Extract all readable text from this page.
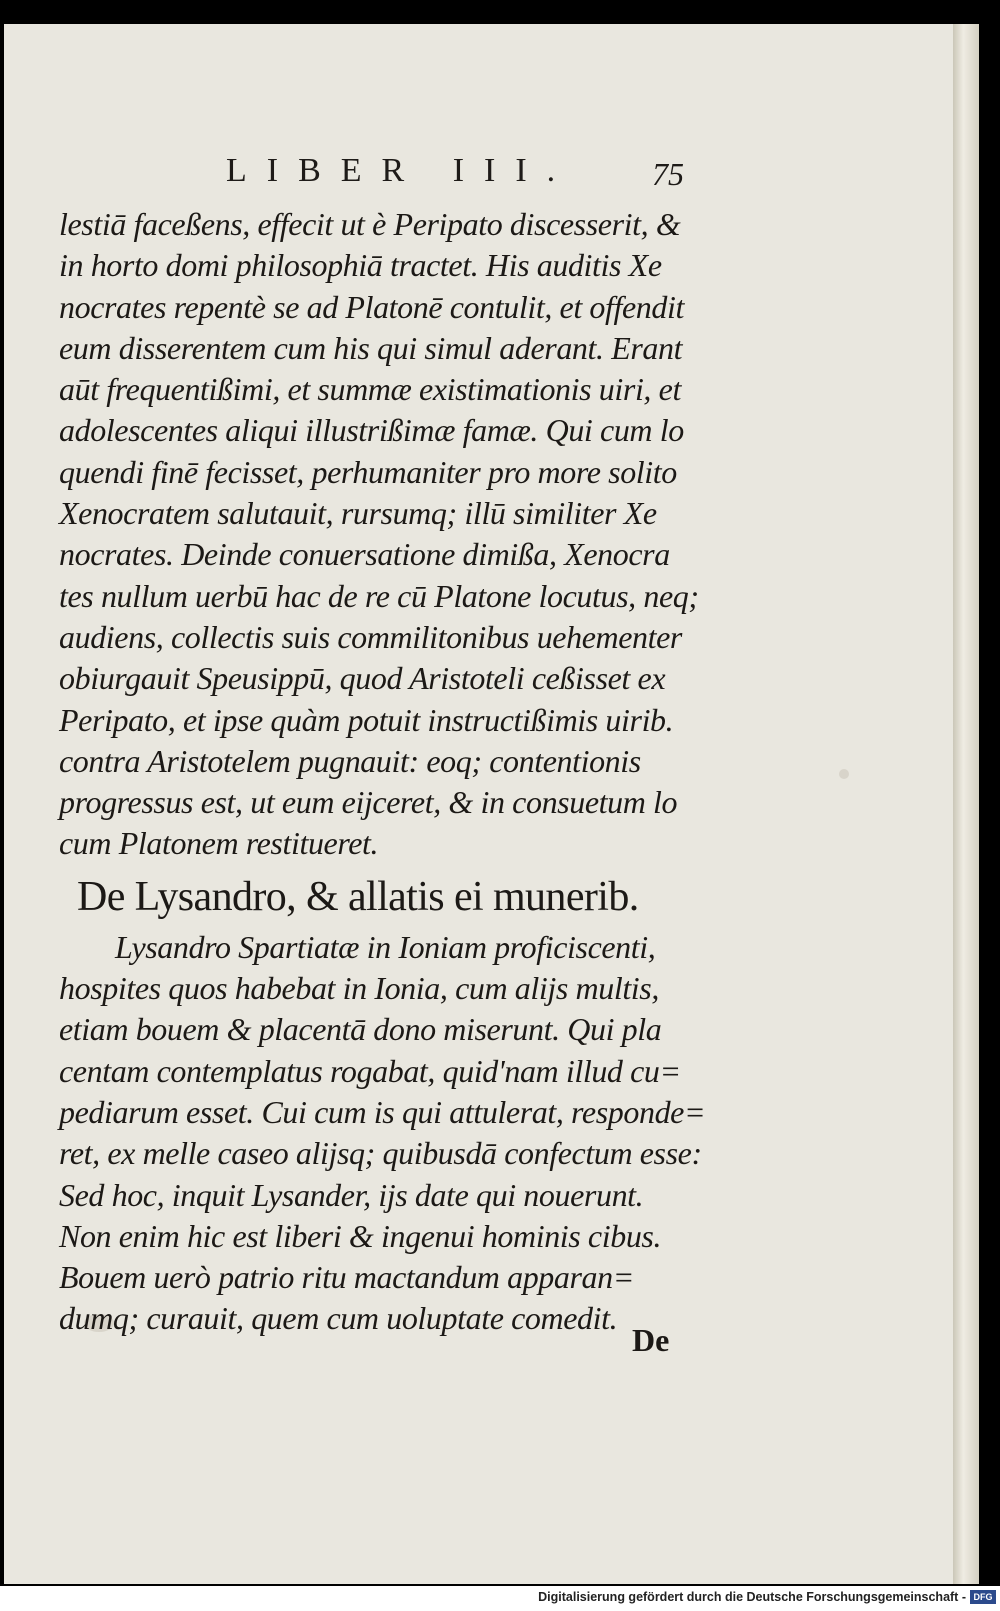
LIBER III. 75
lestiā faceßens, effecit ut è Peripato discesserit, &
in horto domi philosophiā tractet. His auditis Xe
nocrates repentè se ad Platonē contulit, et offendit
eum disserentem cum his qui simul aderant. Erant
aūt frequentißimi, et summæ existimationis uiri, et
adolescentes aliqui illustrißimæ famæ. Qui cum lo
quendi finē fecisset, perhumaniter pro more solito
Xenocratem salutauit, rursumq; illū similiter Xe
nocrates. Deinde conuersatione dimißa, Xenocra
tes nullum uerbū hac de re cū Platone locutus, neq;
audiens, collectis suis commilitonibus uehementer
obiurgauit Speusippū, quod Aristoteli ceßisset ex
Peripato, et ipse quàm potuit instructißimis uirib.
contra Aristotelem pugnauit: eoq; contentionis
progressus est, ut eum eijceret, & in consuetum lo
cum Platonem restitueret.
De Lysandro, & allatis ei munerib.
Lysandro Spartiatæ in Ioniam proficiscenti,
hospites quos habebat in Ionia, cum alijs multis,
etiam bouem & placentā dono miserunt. Qui pla
centam contemplatus rogabat, quid'nam illud cu=
pediarum esset. Cui cum is qui attulerat, responde=
ret, ex melle caseo alijsq; quibusdā confectum esse:
Sed hoc, inquit Lysander, ijs date qui nouerunt.
Non enim hic est liberi & ingenui hominis cibus.
Bouem uerò patrio ritu mactandum apparan=
dumq; curauit, quem cum uoluptate comedit.
De
Digitalisierung gefördert durch die Deutsche Forschungsgemeinschaft - DFG
